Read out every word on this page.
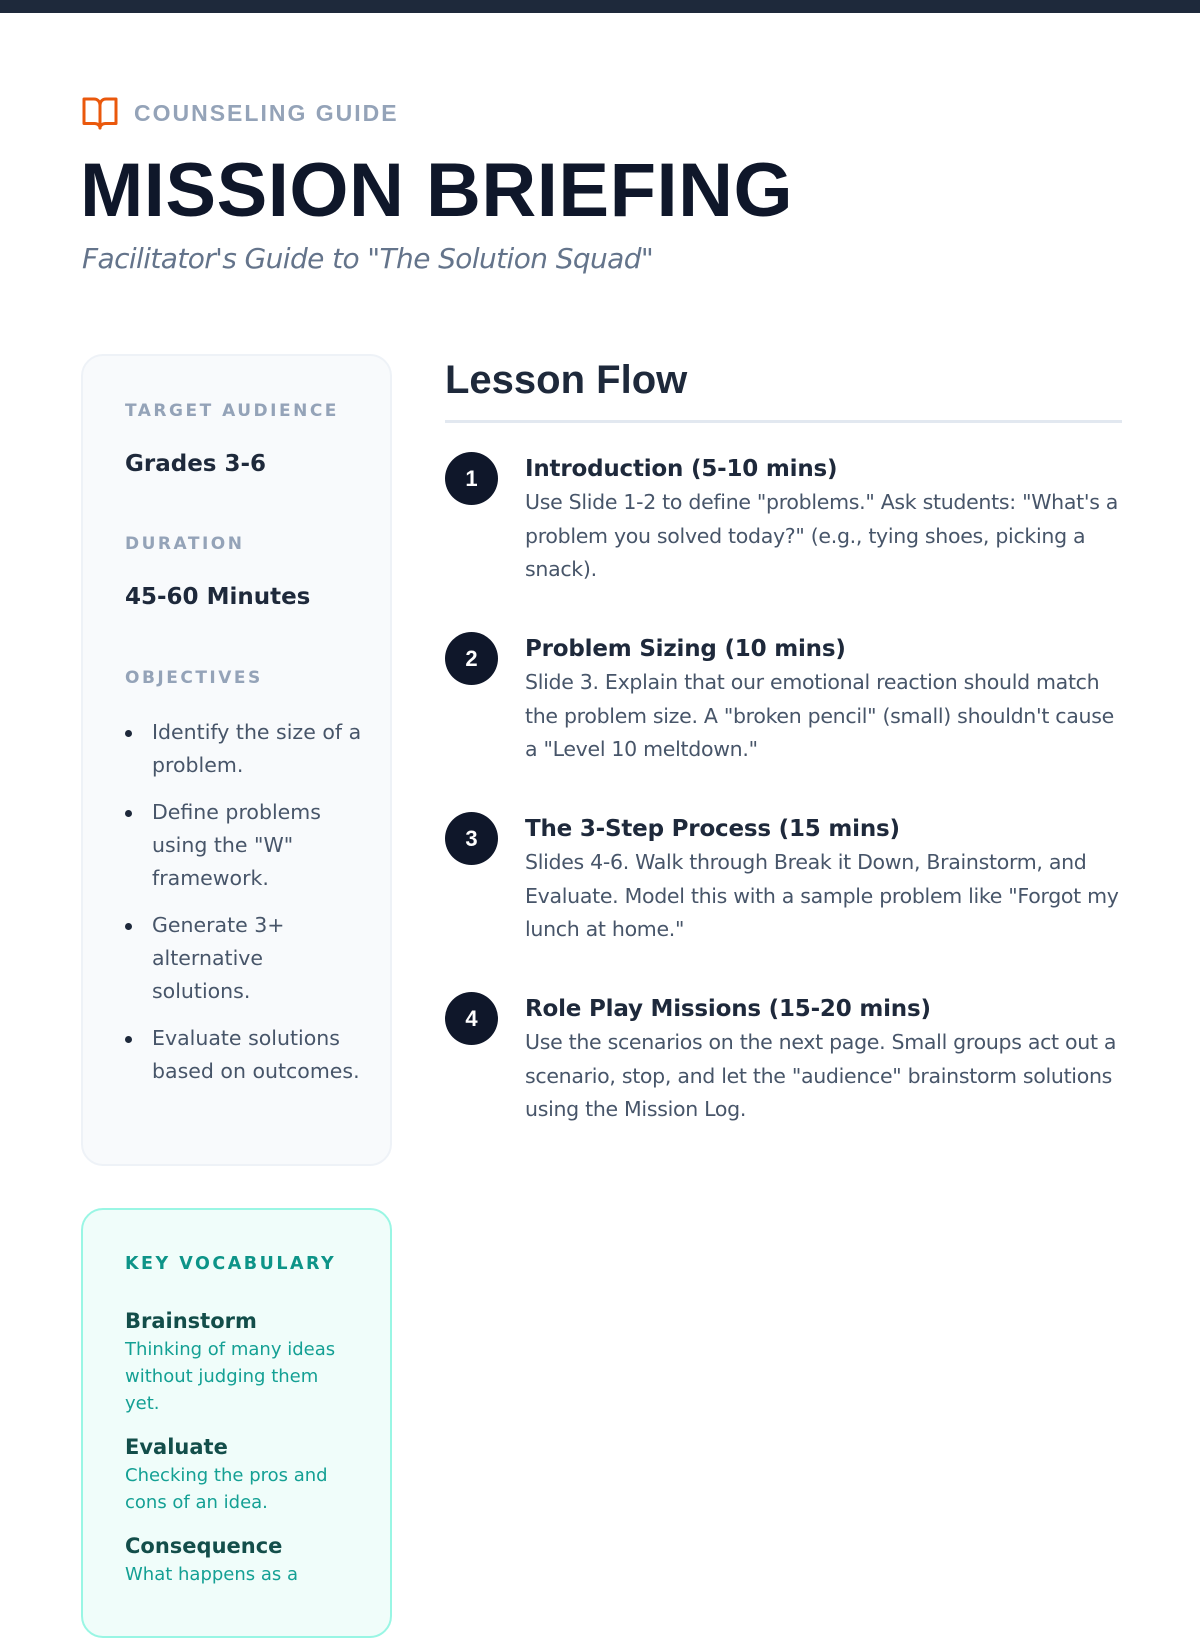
COUNSELING GUIDE
MISSION BRIEFING
Facilitator's Guide to "The Solution Squad"
TARGET AUDIENCE
Grades 3-6
DURATION
45-60 Minutes
OBJECTIVES
Identify the size of a problem.
Define problems using the "W" framework.
Generate 3+ alternative solutions.
Evaluate solutions based on outcomes.
KEY VOCABULARY
Brainstorm
Thinking of many ideas without judging them yet.
Evaluate
Checking the pros and cons of an idea.
Consequence
What happens as a
Lesson Flow
1	Introduction (5-10 mins)
Use Slide 1-2 to define "problems." Ask students: "What's a problem you solved today?" (e.g., tying shoes, picking a snack).
2	Problem Sizing (10 mins)
Slide 3. Explain that our emotional reaction should match the problem size. A "broken pencil" (small) shouldn't cause a "Level 10 meltdown."
3	The 3-Step Process (15 mins)
Slides 4-6. Walk through Break it Down, Brainstorm, and Evaluate. Model this with a sample problem like "Forgot my lunch at home."
4	Role Play Missions (15-20 mins)
Use the scenarios on the next page. Small groups act out a scenario, stop, and let the "audience" brainstorm solutions using the Mission Log.
